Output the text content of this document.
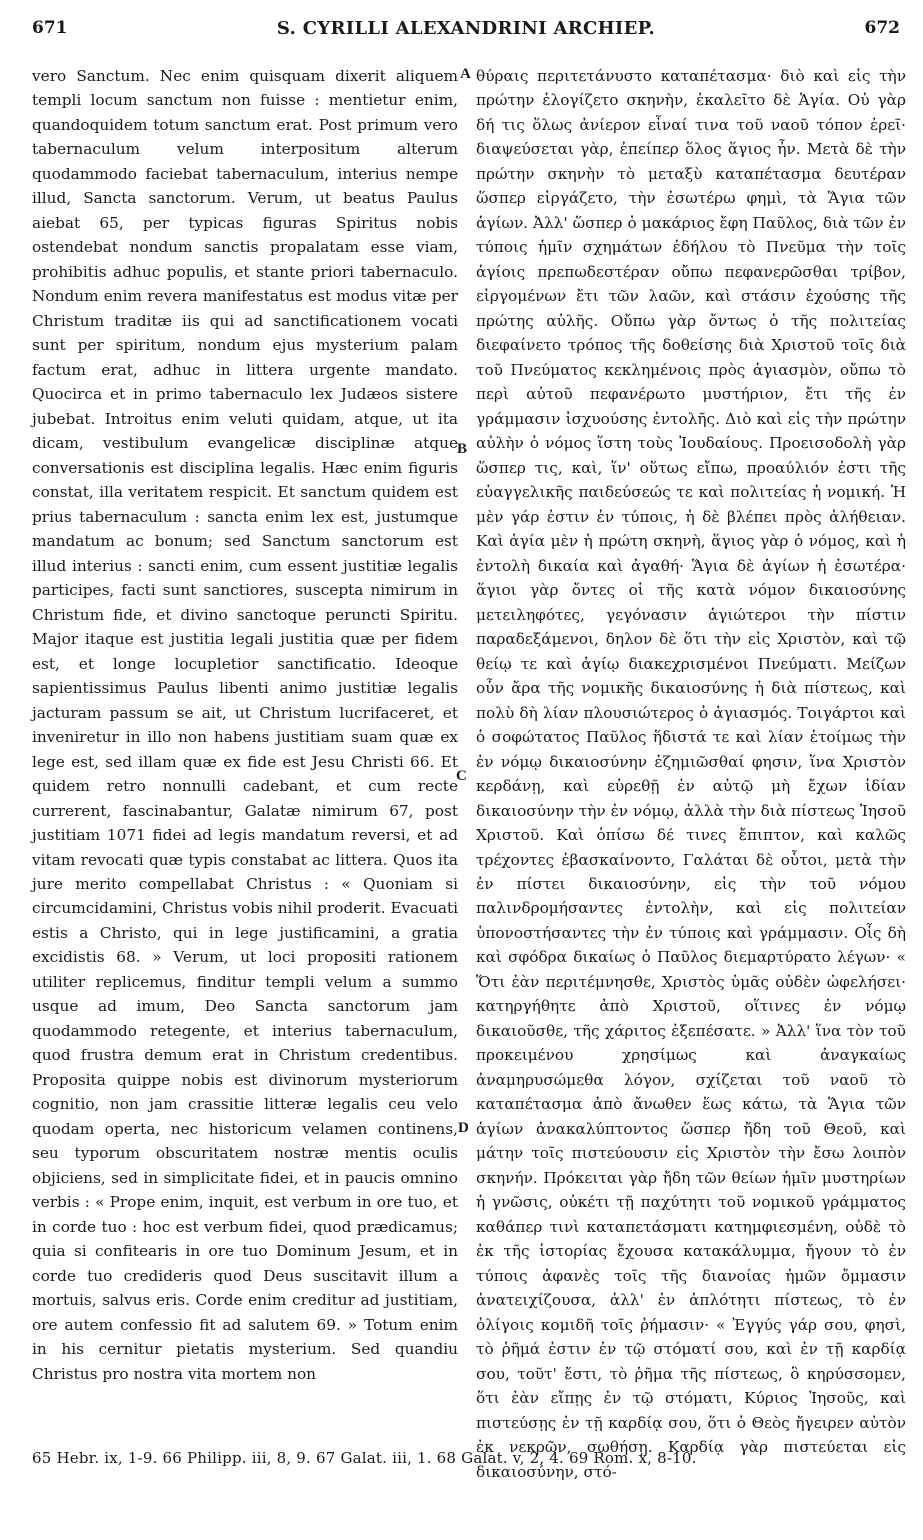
671	S. CYRILLI ALEXANDRINI ARCHIEP.	672

vero Sanctum. Nec enim quisquam dixerit aliquem templi locum sanctum non fuisse : mentietur enim, quandoquidem totum sanctum erat. Post primum vero tabernaculum velum interpositum alterum quodammodo faciebat tabernaculum, interius nempe illud, Sancta sanctorum. Verum, ut beatus Paulus aiebat 65, per typicas figuras Spiritus nobis ostendebat nondum sanctis propalatam esse viam, prohibitis adhuc populis, et stante priori tabernaculo. Nondum enim revera manifestatus est modus vitæ per Christum traditæ iis qui ad sanctificationem vocati sunt per spiritum, nondum ejus mysterium palam factum erat, adhuc in littera urgente mandato. Quocirca et in primo tabernaculo lex Judæos sistere jubebat. Introitus enim veluti quidam, atque, ut ita dicam, vestibulum evangelicæ disciplinæ atque conversationis est disciplina legalis. Hæc enim figuris constat, illa veritatem respicit. Et sanctum quidem est prius tabernaculum : sancta enim lex est, justumque mandatum ac bonum; sed Sanctum sanctorum est illud interius : sancti enim, cum essent justitiæ legalis participes, facti sunt sanctiores, suscepta nimirum in Christum fide, et divino sanctoque peruncti Spiritu. Major itaque est justitia legali justitia quæ per fidem est, et longe locupletior sanctificatio. Ideoque sapientissimus Paulus libenti animo justitiæ legalis jacturam passum se ait, ut Christum lucrifaceret, et inveniretur in illo non habens justitiam suam quæ ex lege est, sed illam quæ ex fide est Jesu Christi 66. Et quidem retro nonnulli cadebant, et cum recte currerent, fascinabantur, Galatæ nimirum 67, post justitiam 1071 fidei ad legis mandatum reversi, et ad vitam revocati quæ typis constabat ac littera. Quos ita jure merito compellabat Christus : « Quoniam si circumcidamini, Christus vobis nihil proderit. Evacuati estis a Christo, qui in lege justificamini, a gratia excidistis 68. » Verum, ut loci propositi rationem utiliter replicemus, finditur templi velum a summo usque ad imum, Deo Sancta sanctorum jam quodammodo retegente, et interius tabernaculum, quod frustra demum erat in Christum credentibus. Proposita quippe nobis est divinorum mysteriorum cognitio, non jam crassitie litteræ legalis ceu velo quodam operta, nec historicum velamen continens, seu typorum obscuritatem nostræ mentis oculis objiciens, sed in simplicitate fidei, et in paucis omnino verbis : « Prope enim, inquit, est verbum in ore tuo, et in corde tuo : hoc est verbum fidei, quod prædicamus; quia si confitearis in ore tuo Dominum Jesum, et in corde tuo credideris quod Deus suscitavit illum a mortuis, salvus eris. Corde enim creditur ad justitiam, ore autem confessio fit ad salutem 69. » Totum enim in his cernitur pietatis mysterium. Sed quandiu Christus pro nostra vita mortem non

A
B
C
D

θύραις περιτετάνυστο καταπέτασμα· διὸ καὶ εἰς τὴν πρώτην ἐλογίζετο σκηνὴν, ἐκαλεῖτο δὲ Ἁγία. Οὐ γὰρ δή τις ὅλως ἀνίερον εἶναί τινα τοῦ ναοῦ τόπον ἐρεῖ· διαψεύσεται γὰρ, ἐπείπερ ὅλος ἅγιος ἦν. Μετὰ δὲ τὴν πρώτην σκηνὴν τὸ μεταξὺ καταπέτασμα δευτέραν ὥσπερ εἰργάζετο, τὴν ἐσωτέρω φημὶ, τὰ Ἅγια τῶν ἁγίων. Ἀλλ' ὥσπερ ὁ μακάριος ἔφη Παῦλος, διὰ τῶν ἐν τύποις ἡμῖν σχημάτων ἐδήλου τὸ Πνεῦμα τὴν τοῖς ἁγίοις πρεπωδεστέραν οὔπω πεφανερῶσθαι τρίβον, εἰργομένων ἔτι τῶν λαῶν, καὶ στάσιν ἐχούσης τῆς πρώτης αὐλῆς. Οὔπω γὰρ ὄντως ὁ τῆς πολιτείας διεφαίνετο τρόπος τῆς δοθείσης διὰ Χριστοῦ τοῖς διὰ τοῦ Πνεύματος κεκλημένοις πρὸς ἁγιασμὸν, οὔπω τὸ περὶ αὐτοῦ πεφανέρωτο μυστήριον, ἔτι τῆς ἐν γράμμασιν ἰσχυούσης ἐντολῆς. Διὸ καὶ εἰς τὴν πρώτην αὐλὴν ὁ νόμος ἵστη τοὺς Ἰουδαίους. Προεισοδολὴ γὰρ ὥσπερ τις, καὶ, ἵν' οὕτως εἴπω, προαύλιόν ἐστι τῆς εὐαγγελικῆς παιδεύσεώς τε καὶ πολιτείας ἡ νομική. Ἡ μὲν γάρ ἐστιν ἐν τύποις, ἡ δὲ βλέπει πρὸς ἀλήθειαν. Καὶ ἁγία μὲν ἡ πρώτη σκηνὴ, ἅγιος γὰρ ὁ νόμος, καὶ ἡ ἐντολὴ δικαία καὶ ἀγαθή· Ἅγια δὲ ἁγίων ἡ ἐσωτέρα· ἅγιοι γὰρ ὄντες οἱ τῆς κατὰ νόμον δικαιοσύνης μετειληφότες, γεγόνασιν ἁγιώτεροι τὴν πίστιν παραδεξάμενοι, δηλον δὲ ὅτι τὴν εἰς Χριστὸν, καὶ τῷ θείῳ τε καὶ ἁγίῳ διακεχρισμένοι Πνεύματι. Μείζων οὖν ἄρα τῆς νομικῆς δικαιοσύνης ἡ διὰ πίστεως, καὶ πολὺ δὴ λίαν πλουσιώτερος ὁ ἁγιασμός. Τοιγάρτοι καὶ ὁ σοφώτατος Παῦλος ἥδιστά τε καὶ λίαν ἑτοίμως τὴν ἐν νόμῳ δικαιοσύνην ἐζημιῶσθαί φησιν, ἵνα Χριστὸν κερδάνῃ, καὶ εὑρεθῇ ἐν αὐτῷ μὴ ἔχων ἰδίαν δικαιοσύνην τὴν ἐν νόμῳ, ἀλλὰ τὴν διὰ πίστεως Ἰησοῦ Χριστοῦ. Καὶ ὀπίσω δέ τινες ἔπιπτον, καὶ καλῶς τρέχοντες ἐβασκαίνοντο, Γαλάται δὲ οὗτοι, μετὰ τὴν ἐν πίστει δικαιοσύνην, εἰς τὴν τοῦ νόμου παλινδρομήσαντες ἐντολὴν, καὶ εἰς πολιτείαν ὑπονοστήσαντες τὴν ἐν τύποις καὶ γράμμασιν. Οἷς δὴ καὶ σφόδρα δικαίως ὁ Παῦλος διεμαρτύρατο λέγων· « Ὅτι ἐὰν περιτέμνησθε, Χριστὸς ὑμᾶς οὐδὲν ὠφελήσει· κατηργήθητε ἀπὸ Χριστοῦ, οἵτινες ἐν νόμῳ δικαιοῦσθε, τῆς χάριτος ἐξεπέσατε. » Ἀλλ' ἵνα τὸν τοῦ προκειμένου χρησίμως καὶ ἀναγκαίως ἀναμηρυσώμεθα λόγον, σχίζεται τοῦ ναοῦ τὸ καταπέτασμα ἀπὸ ἄνωθεν ἕως κάτω, τὰ Ἅγια τῶν ἁγίων ἀνακαλύπτοντος ὥσπερ ἤδη τοῦ Θεοῦ, καὶ μάτην τοῖς πιστεύουσιν εἰς Χριστὸν τὴν ἔσω λοιπὸν σκηνήν. Πρόκειται γὰρ ἤδη τῶν θείων ἡμῖν μυστηρίων ἡ γνῶσις, οὐκέτι τῇ παχύτητι τοῦ νομικοῦ γράμματος καθάπερ τινὶ καταπετάσματι κατημφιεσμένη, οὐδὲ τὸ ἐκ τῆς ἱστορίας ἔχουσα κατακάλυμμα, ἤγουν τὸ ἐν τύποις ἀφανὲς τοῖς τῆς διανοίας ἡμῶν ὄμμασιν ἀνατειχίζουσα, ἀλλ' ἐν ἁπλότητι πίστεως, τὸ ἐν ὀλίγοις κομιδῆ τοῖς ῥήμασιν· « Ἐγγύς γάρ σου, φησὶ, τὸ ῥῆμά ἐστιν ἐν τῷ στόματί σου, καὶ ἐν τῇ καρδίᾳ σου, τοῦτ' ἔστι, τὸ ῥῆμα τῆς πίστεως, ὃ κηρύσσομεν, ὅτι ἐὰν εἴπῃς ἐν τῷ στόματι, Κύριος Ἰησοῦς, καὶ πιστεύσῃς ἐν τῇ καρδίᾳ σου, ὅτι ὁ Θεὸς ἤγειρεν αὐτὸν ἐκ νεκρῶν, σωθήσῃ. Καρδίᾳ γὰρ πιστεύεται εἰς δικαιοσύνην, στό-

65 Hebr. ix, 1-9. 66 Philipp. iii, 8, 9. 67 Galat. iii, 1. 68 Galat. v, 2, 4. 69 Rom. x, 8-10.
